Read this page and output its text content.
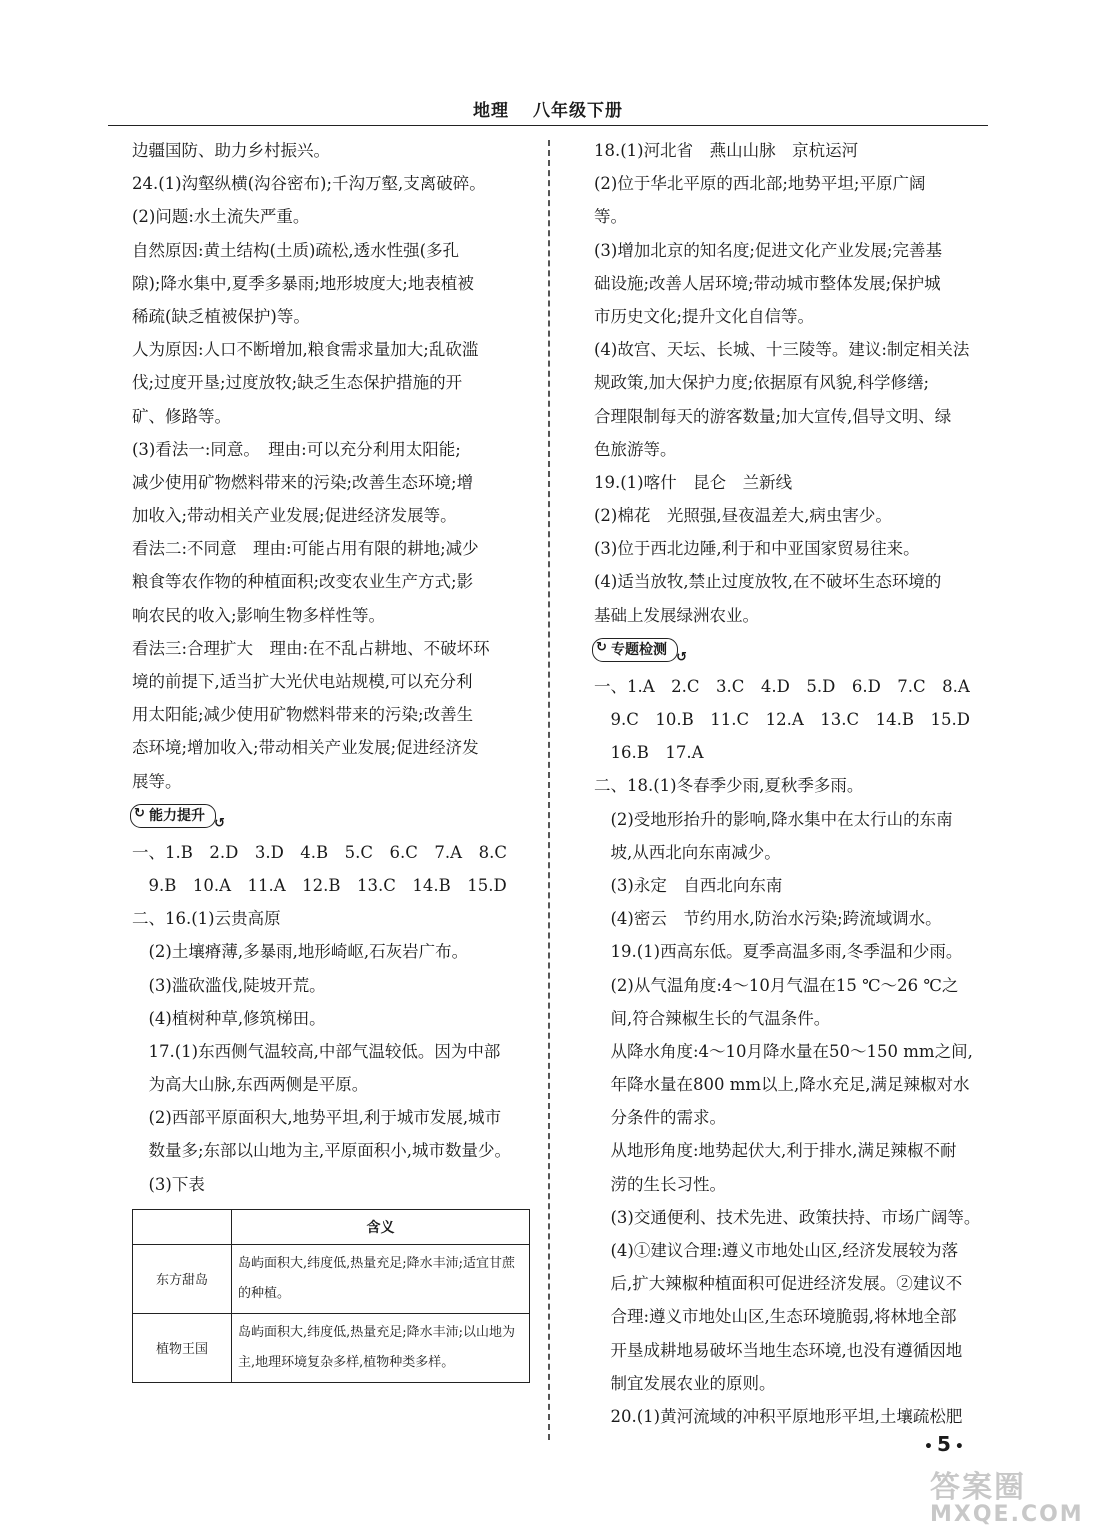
地理 八年级下册
边疆国防、助力乡村振兴。
24.(1)沟壑纵横(沟谷密布);千沟万壑,支离破碎。
(2)问题:水土流失严重。
自然原因:黄土结构(土质)疏松,透水性强(多孔
隙);降水集中,夏季多暴雨;地形坡度大;地表植被
稀疏(缺乏植被保护)等。
人为原因:人口不断增加,粮食需求量加大;乱砍滥
伐;过度开垦;过度放牧;缺乏生态保护措施的开
矿、修路等。
(3)看法一:同意。　理由:可以充分利用太阳能;
减少使用矿物燃料带来的污染;改善生态环境;增
加收入;带动相关产业发展;促进经济发展等。
看法二:不同意　理由:可能占用有限的耕地;减少
粮食等农作物的种植面积;改变农业生产方式;影
响农民的收入;影响生物多样性等。
看法三:合理扩大　理由:在不乱占耕地、不破坏环
境的前提下,适当扩大光伏电站规模,可以充分利
用太阳能;减少使用矿物燃料带来的污染;改善生
态环境;增加收入;带动相关产业发展;促进经济发
展等。
↻ 能力提升 ↺
一、1.B　2.D　3.D　4.B　5.C　6.C　7.A　8.C
　9.B　10.A　11.A　12.B　13.C　14.B　15.D
二、16.(1)云贵高原
　(2)土壤瘠薄,多暴雨,地形崎岖,石灰岩广布。
　(3)滥砍滥伐,陡坡开荒。
　(4)植树种草,修筑梯田。
　17.(1)东西侧气温较高,中部气温较低。因为中部
　为高大山脉,东西两侧是平原。
　(2)西部平原面积大,地势平坦,利于城市发展,城市
　数量多;东部以山地为主,平原面积小,城市数量少。
　(3)下表
	含义
东方甜岛	岛屿面积大,纬度低,热量充足;降水丰沛;适宜甘蔗的种植。
植物王国	岛屿面积大,纬度低,热量充足;降水丰沛;以山地为主,地理环境复杂多样,植物种类多样。
18.(1)河北省　燕山山脉　京杭运河
(2)位于华北平原的西北部;地势平坦;平原广阔
等。
(3)增加北京的知名度;促进文化产业发展;完善基
础设施;改善人居环境;带动城市整体发展;保护城
市历史文化;提升文化自信等。
(4)故宫、天坛、长城、十三陵等。建议:制定相关法
规政策,加大保护力度;依据原有风貌,科学修缮;
合理限制每天的游客数量;加大宣传,倡导文明、绿
色旅游等。
19.(1)喀什　昆仑　兰新线
(2)棉花　光照强,昼夜温差大,病虫害少。
(3)位于西北边陲,利于和中亚国家贸易往来。
(4)适当放牧,禁止过度放牧,在不破坏生态环境的
基础上发展绿洲农业。
↻ 专题检测 ↺
一、1.A　2.C　3.C　4.D　5.D　6.D　7.C　8.A
　9.C　10.B　11.C　12.A　13.C　14.B　15.D
　16.B　17.A
二、18.(1)冬春季少雨,夏秋季多雨。
　(2)受地形抬升的影响,降水集中在太行山的东南
　坡,从西北向东南减少。
　(3)永定　自西北向东南
　(4)密云　节约用水,防治水污染;跨流域调水。
　19.(1)西高东低。夏季高温多雨,冬季温和少雨。
　(2)从气温角度:4～10月气温在15 ℃～26 ℃之
　间,符合辣椒生长的气温条件。
　从降水角度:4～10月降水量在50～150 mm之间,
　年降水量在800 mm以上,降水充足,满足辣椒对水
　分条件的需求。
　从地形角度:地势起伏大,利于排水,满足辣椒不耐
　涝的生长习性。
　(3)交通便利、技术先进、政策扶持、市场广阔等。
　(4)①建议合理:遵义市地处山区,经济发展较为落
　后,扩大辣椒种植面积可促进经济发展。②建议不
　合理:遵义市地处山区,生态环境脆弱,将林地全部
　开垦成耕地易破坏当地生态环境,也没有遵循因地
　制宜发展农业的原则。
　20.(1)黄河流域的冲积平原地形平坦,土壤疏松肥
• 5 •
答案圈
MXQE.COM
